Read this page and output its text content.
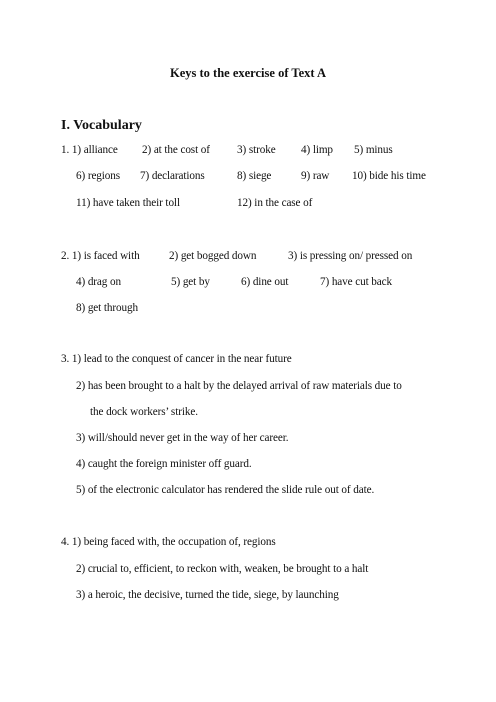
Keys to the exercise of Text A
I. Vocabulary
1. 1) alliance 2) at the cost of 3) stroke 4) limp 5) minus
6) regions 7) declarations	8) siege	9) raw 10) bide his time
11) have taken their toll	12) in the case of
2. 1) is faced with	2) get bogged down	3) is pressing on/ pressed on
4) drag on	5) get by	6) dine out	7) have cut back
8) get through
3. 1) lead to the conquest of cancer in the near future
2) has been brought to a halt by the delayed arrival of raw materials due to
the dock workers’ strike.
3) will/should never get in the way of her career.
4) caught the foreign minister off guard.
5) of the electronic calculator has rendered the slide rule out of date.
4. 1) being faced with, the occupation of, regions
2) crucial to, efficient, to reckon with, weaken, be brought to a halt
3) a heroic, the decisive, turned the tide, siege, by launching
